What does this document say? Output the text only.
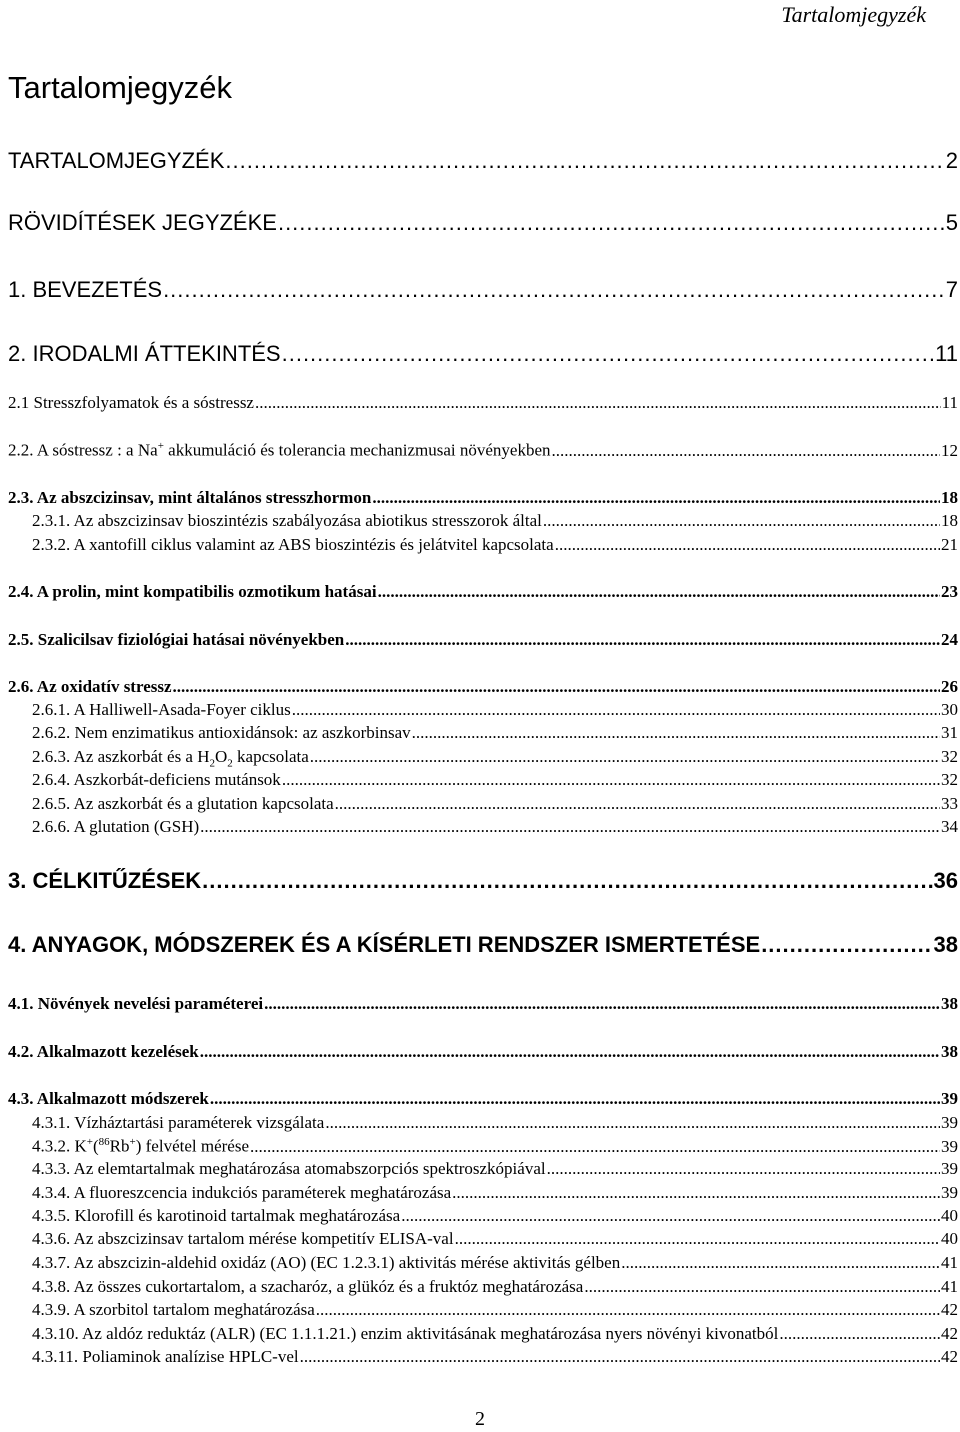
Tartalomjegyzék
Tartalomjegyzék
TARTALOMJEGYZÉK .....	2
RÖVIDÍTÉSEK JEGYZÉKE .....	5
1. BEVEZETÉS .....	7
2. IRODALMI ÁTTEKINTÉS .....	11
2.1 Stresszfolyamatok és a sóstressz .....	11
2.2. A sóstressz : a Na+ akkumuláció és tolerancia mechanizmusai növényekben .....	12
2.3. Az abszcizinsav, mint általános stresszhormon .....	18
2.3.1. Az abszcizinsav bioszintézis szabályozása abiotikus stresszorok által .....	18
2.3.2. A xantofill ciklus valamint az ABS bioszintézis és jelátvitel kapcsolata .....	21
2.4. A prolin, mint kompatibilis ozmotikum hatásai .....	23
2.5. Szalicilsav fiziológiai hatásai növényekben .....	24
2.6. Az oxidatív stressz .....	26
2.6.1. A Halliwell-Asada-Foyer ciklus .....	30
2.6.2. Nem enzimatikus antioxidánsok: az aszkorbinsav .....	31
2.6.3. Az aszkorbát és a $H_2O_2$ kapcsolata .....	32
2.6.4. Aszkorbát-deficiens mutánsok .....	32
2.6.5. Az aszkorbát és a glutation kapcsolata .....	33
2.6.6. A glutation (GSH) .....	34
3. CÉLKITŰZÉSEK .....	36
4. ANYAGOK, MÓDSZEREK ÉS A KÍSÉRLETI RENDSZER ISMERTETÉSE .....	38
4.1. Növények nevelési paraméterei .....	38
4.2. Alkalmazott kezelések .....	38
4.3. Alkalmazott módszerek .....	39
4.3.1. Vízháztartási paraméterek vizsgálata .....	39
4.3.2. K+($^{86}$Rb+) felvétel mérése .....	39
4.3.3. Az elemtartalmak meghatározása atomabszorpciós spektroszkópiával .....	39
4.3.4. A fluoreszcencia indukciós paraméterek meghatározása .....	39
4.3.5. Klorofill és karotinoid tartalmak meghatározása .....	40
4.3.6. Az abszcizinsav tartalom mérése kompetitív ELISA-val .....	40
4.3.7. Az abszcizin-aldehid oxidáz (AO) (EC 1.2.3.1) aktivitás mérése aktivitás gélben .....	41
4.3.8. Az összes cukortartalom, a szacharóz, a glükóz és a fruktóz meghatározása .....	41
4.3.9. A szorbitol tartalom meghatározása .....	42
4.3.10. Az aldóz reduktáz (ALR) (EC 1.1.1.21.) enzim aktivitásának meghatározása nyers növényi kivonatból .....	42
4.3.11. Poliaminok analízise HPLC-vel .....	42
2
